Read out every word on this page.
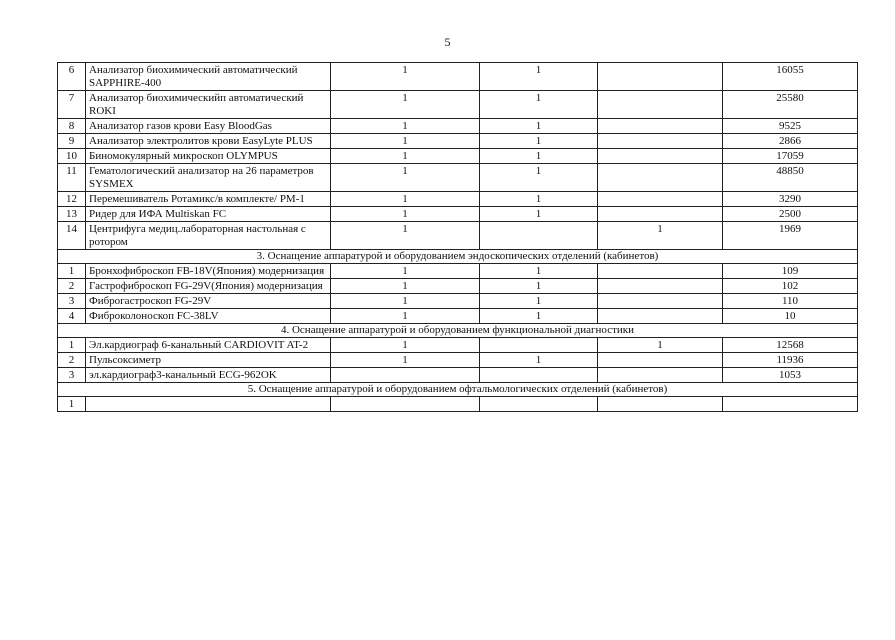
5
6	Анализатор биохимический автоматический SAPPHIRE-400	1	1		16055
7	Анализатор биохимическийп автоматический ROKI	1	1		25580
8	Анализатор газов крови Easy BloodGas	1	1		9525
9	Анализатор электролитов крови EasyLyte PLUS	1	1		2866
10	Биномокулярный микроскоп OLYMPUS	1	1		17059
11	Гематологический анализатор на 26 параметров SYSMEX	1	1		48850
12	Перемешиватель Ротамикс/в комплекте/ РМ-1	1	1		3290
13	Ридер для ИФА Multiskan FC	1	1		2500
14	Центрифуга медиц.лабораторная настольная с ротором	1		1	1969
3. Оснащение аппаратурой и оборудованием эндоскопических отделений (кабинетов)					
1	Бронхофиброскоп FB-18V(Япония) модернизация	1	1		109
2	Гастрофиброскоп FG-29V(Япония) модернизация	1	1		102
3	Фиброгастроскоп FG-29V	1	1		110
4	Фиброколоноскоп FC-38LV	1	1		10
4. Оснащение аппаратурой и оборудованием функциональной диагностики					
1	Эл.кардиограф 6-канальный CARDIOVIT AT-2	1		1	12568
2	Пульсоксиметр	1	1		11936
3	эл.кардиограф3-канальный ECG-962OK				1053
5. Оснащение аппаратурой и оборудованием офтальмологических отделений (кабинетов)					
1					
